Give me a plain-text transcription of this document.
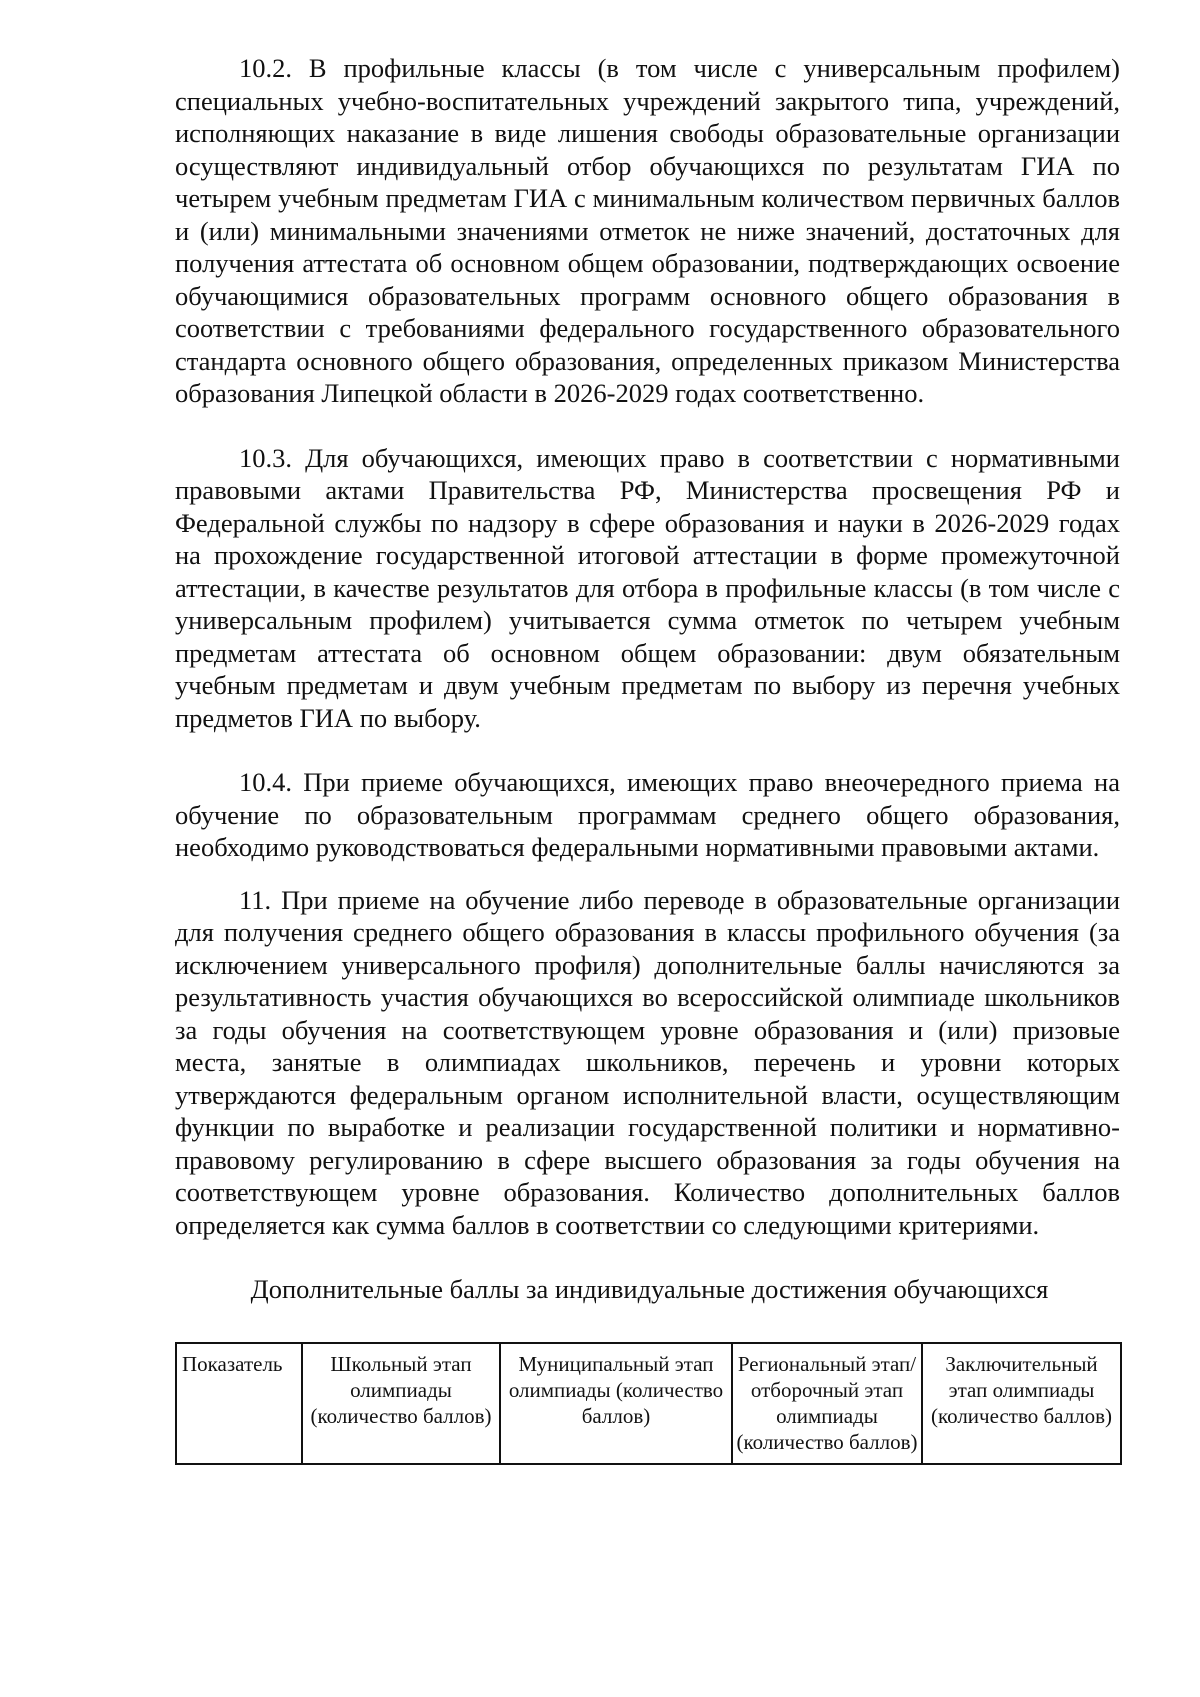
10.2. В профильные классы (в том числе с универсальным профилем) специальных учебно-воспитательных учреждений закрытого типа, учреждений, исполняющих наказание в виде лишения свободы образовательные организации осуществляют индивидуальный отбор обучающихся по результатам ГИА по четырем учебным предметам ГИА с минимальным количеством первичных баллов и (или) минимальными значениями отметок не ниже значений, достаточных для получения аттестата об основном общем образовании, подтверждающих освоение обучающимися образовательных программ основного общего образования в соответствии с требованиями федерального государственного образовательного стандарта основного общего образования, определенных приказом Министерства образования Липецкой области в 2026-2029 годах соответственно.

10.3. Для обучающихся, имеющих право в соответствии с нормативными правовыми актами Правительства РФ, Министерства просвещения РФ и Федеральной службы по надзору в сфере образования и науки в 2026-2029 годах на прохождение государственной итоговой аттестации в форме промежуточной аттестации, в качестве результатов для отбора в профильные классы (в том числе с универсальным профилем) учитывается сумма отметок по четырем учебным предметам аттестата об основном общем образовании: двум обязательным учебным предметам и двум учебным предметам по выбору из перечня учебных предметов ГИА по выбору.

10.4. При приеме обучающихся, имеющих право внеочередного приема на обучение по образовательным программам среднего общего образования, необходимо руководствоваться федеральными нормативными правовыми актами.

11. При приеме на обучение либо переводе в образовательные организации для получения среднего общего образования в классы профильного обучения (за исключением универсального профиля) дополнительные баллы начисляются за результативность участия обучающихся во всероссийской олимпиаде школьников за годы обучения на соответствующем уровне образования и (или) призовые места, занятые в олимпиадах школьников, перечень и уровни которых утверждаются федеральным органом исполнительной власти, осуществляющим функции по выработке и реализации государственной политики и нормативно-правовому регулированию в сфере высшего образования за годы обучения на соответствующем уровне образования. Количество дополнительных баллов определяется как сумма баллов в соответствии со следующими критериями.

Дополнительные баллы за индивидуальные достижения обучающихся

Показатель	Школьный этап олимпиады (количество баллов)	Муниципальный этап олимпиады (количество баллов)	Региональный этап/отборочный этап олимпиады (количество баллов)	Заключительный этап олимпиады (количество баллов)
